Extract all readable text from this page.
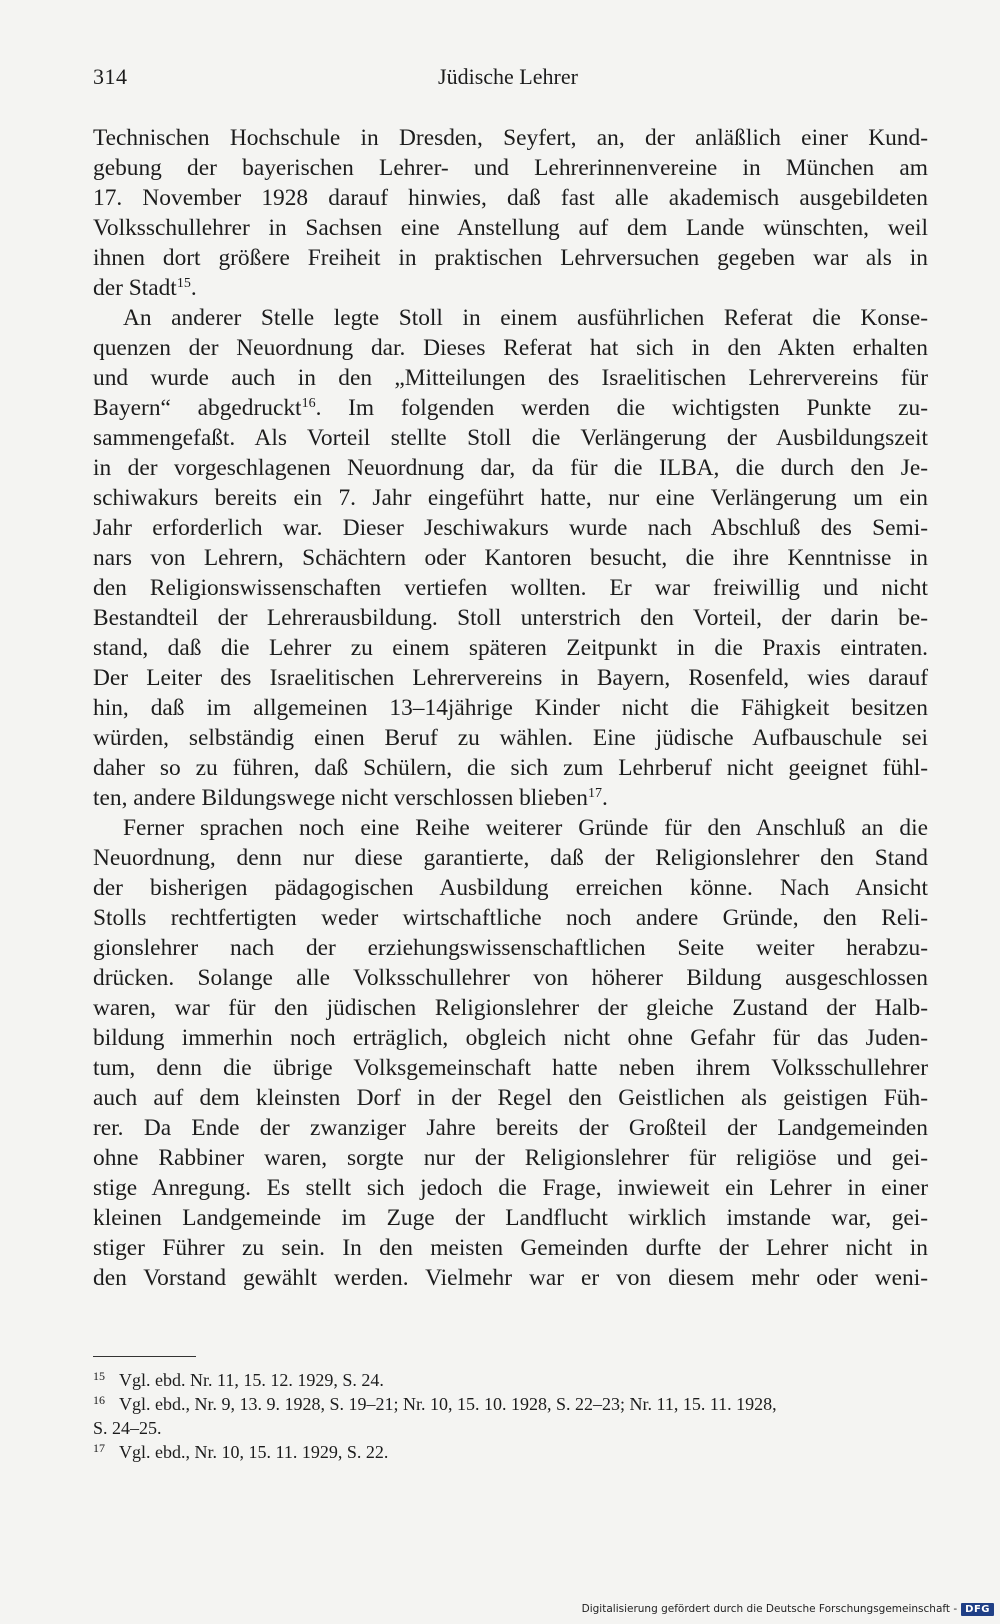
314	Jüdische Lehrer
Technischen Hochschule in Dresden, Seyfert, an, der anläßlich einer Kund-
gebung der bayerischen Lehrer- und Lehrerinnenvereine in München am
17. November 1928 darauf hinwies, daß fast alle akademisch ausgebildeten
Volksschullehrer in Sachsen eine Anstellung auf dem Lande wünschten, weil
ihnen dort größere Freiheit in praktischen Lehrversuchen gegeben war als in
der Stadt$^{15}$.
An anderer Stelle legte Stoll in einem ausführlichen Referat die Konse-
quenzen der Neuordnung dar. Dieses Referat hat sich in den Akten erhalten
und wurde auch in den „Mitteilungen des Israelitischen Lehrervereins für
Bayern“ abgedruckt$^{16}$. Im folgenden werden die wichtigsten Punkte zu-
sammengefaßt. Als Vorteil stellte Stoll die Verlängerung der Ausbildungszeit
in der vorgeschlagenen Neuordnung dar, da für die ILBA, die durch den Je-
schiwakurs bereits ein 7. Jahr eingeführt hatte, nur eine Verlängerung um ein
Jahr erforderlich war. Dieser Jeschiwakurs wurde nach Abschluß des Semi-
nars von Lehrern, Schächtern oder Kantoren besucht, die ihre Kenntnisse in
den Religionswissenschaften vertiefen wollten. Er war freiwillig und nicht
Bestandteil der Lehrerausbildung. Stoll unterstrich den Vorteil, der darin be-
stand, daß die Lehrer zu einem späteren Zeitpunkt in die Praxis eintraten.
Der Leiter des Israelitischen Lehrervereins in Bayern, Rosenfeld, wies darauf
hin, daß im allgemeinen 13–14jährige Kinder nicht die Fähigkeit besitzen
würden, selbständig einen Beruf zu wählen. Eine jüdische Aufbauschule sei
daher so zu führen, daß Schülern, die sich zum Lehrberuf nicht geeignet fühl-
ten, andere Bildungswege nicht verschlossen blieben$^{17}$.
Ferner sprachen noch eine Reihe weiterer Gründe für den Anschluß an die
Neuordnung, denn nur diese garantierte, daß der Religionslehrer den Stand
der bisherigen pädagogischen Ausbildung erreichen könne. Nach Ansicht
Stolls rechtfertigten weder wirtschaftliche noch andere Gründe, den Reli-
gionslehrer nach der erziehungswissenschaftlichen Seite weiter herabzu-
drücken. Solange alle Volksschullehrer von höherer Bildung ausgeschlossen
waren, war für den jüdischen Religionslehrer der gleiche Zustand der Halb-
bildung immerhin noch erträglich, obgleich nicht ohne Gefahr für das Juden-
tum, denn die übrige Volksgemeinschaft hatte neben ihrem Volksschullehrer
auch auf dem kleinsten Dorf in der Regel den Geistlichen als geistigen Füh-
rer. Da Ende der zwanziger Jahre bereits der Großteil der Landgemeinden
ohne Rabbiner waren, sorgte nur der Religionslehrer für religiöse und gei-
stige Anregung. Es stellt sich jedoch die Frage, inwieweit ein Lehrer in einer
kleinen Landgemeinde im Zuge der Landflucht wirklich imstande war, gei-
stiger Führer zu sein. In den meisten Gemeinden durfte der Lehrer nicht in
den Vorstand gewählt werden. Vielmehr war er von diesem mehr oder weni-
15 Vgl. ebd. Nr. 11, 15. 12. 1929, S. 24.
16 Vgl. ebd., Nr. 9, 13. 9. 1928, S. 19–21; Nr. 10, 15. 10. 1928, S. 22–23; Nr. 11, 15. 11. 1928,
S. 24–25.
17 Vgl. ebd., Nr. 10, 15. 11. 1929, S. 22.
Digitalisierung gefördert durch die Deutsche Forschungsgemeinschaft - DFG
